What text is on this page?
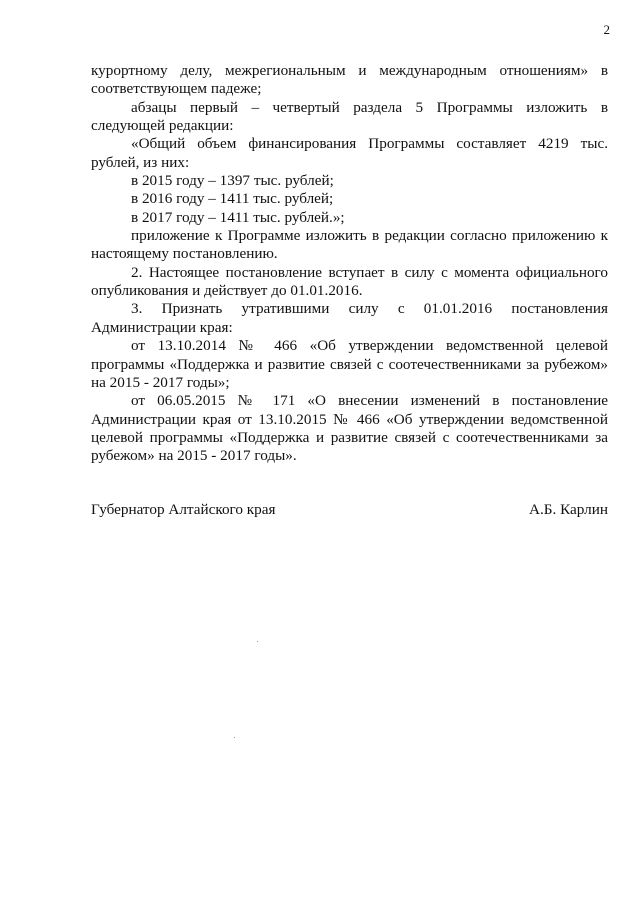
2

курортному делу, межрегиональным и международным отношениям» в соответствующем падеже;

абзацы первый – четвертый раздела 5 Программы изложить в следующей редакции:

«Общий объем финансирования Программы составляет 4219 тыс. рублей, из них:

в 2015 году – 1397 тыс. рублей;

в 2016 году – 1411 тыс. рублей;

в 2017 году – 1411 тыс. рублей.»;

приложение к Программе изложить в редакции согласно приложению к настоящему постановлению.

2. Настоящее постановление вступает в силу с момента официального опубликования и действует до 01.01.2016.

3. Признать утратившими силу с 01.01.2016 постановления Администрации края:

от 13.10.2014 № 466 «Об утверждении ведомственной целевой программы «Поддержка и развитие связей с соотечественниками за рубежом» на 2015 - 2017 годы»;

от 06.05.2015 № 171 «О внесении изменений в постановление Администрации края от 13.10.2015 № 466 «Об утверждении ведомственной целевой программы «Поддержка и развитие связей с соотечественниками за рубежом» на 2015 - 2017 годы».

Губернатор Алтайского края	А.Б. Карлин
